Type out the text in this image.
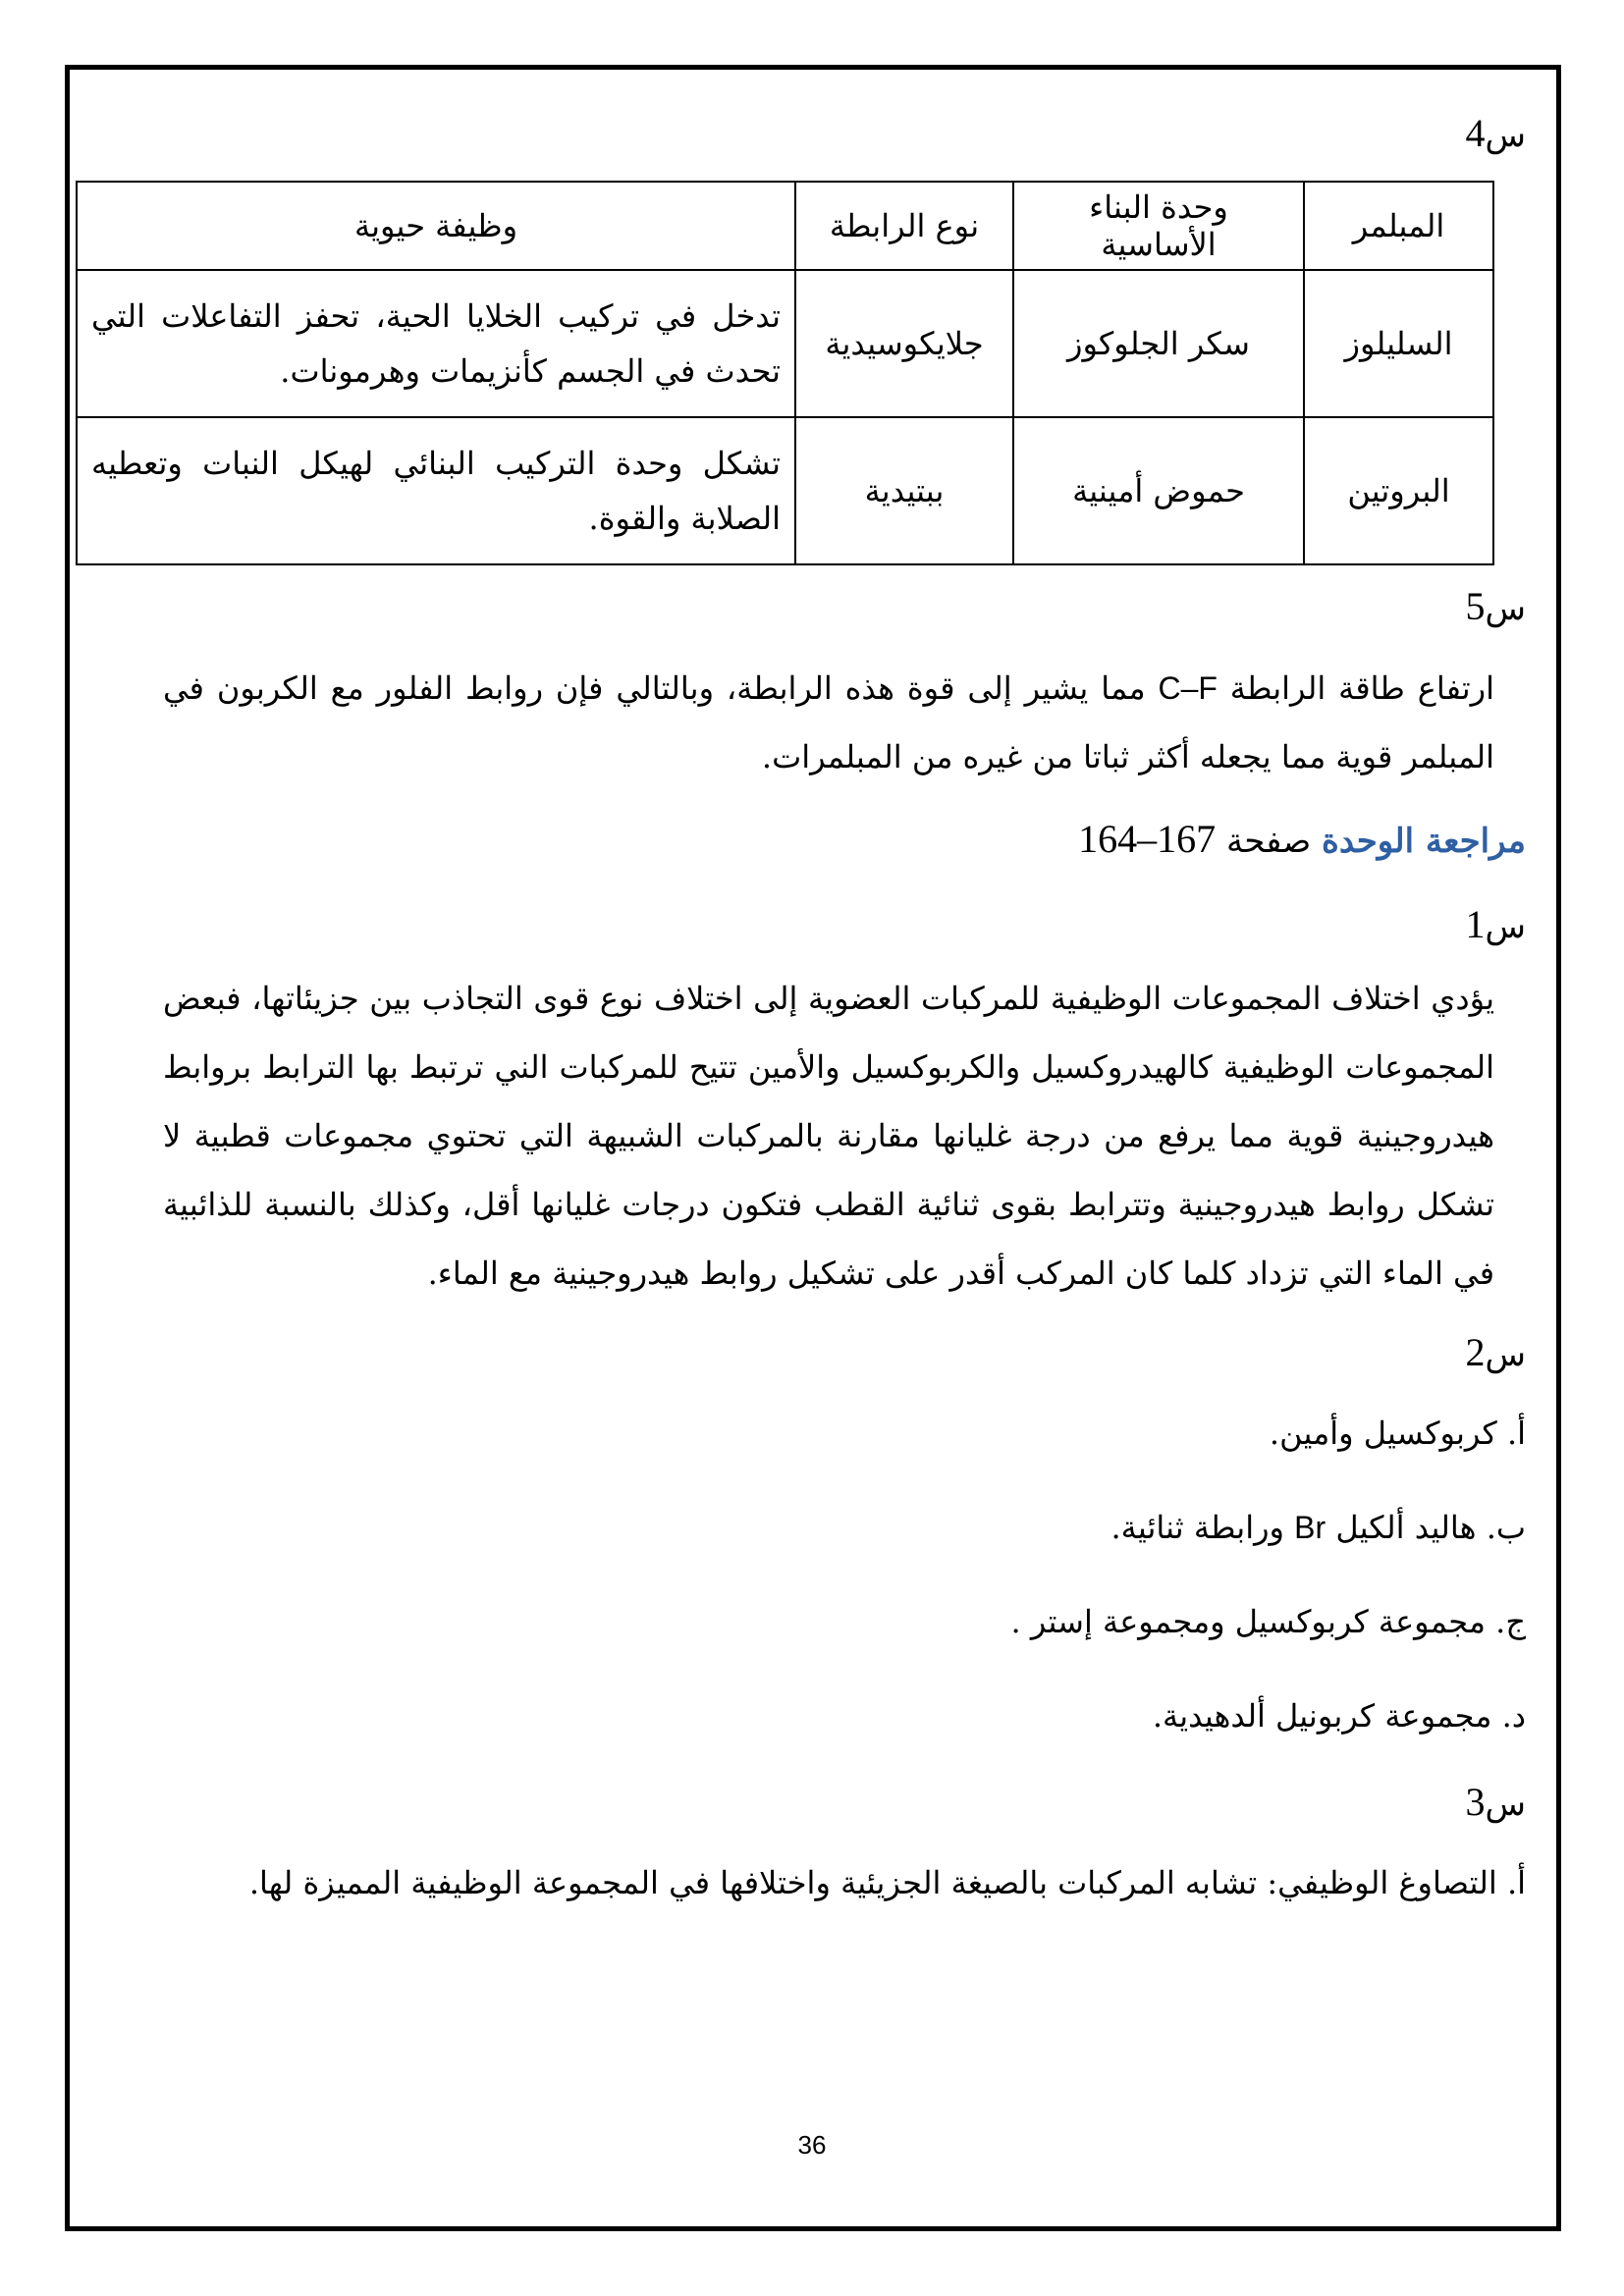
س4
المبلمر	وحدة البناء الأساسية	نوع الرابطة	وظيفة حيوية
السليلوز	سكر الجلوكوز	جلايكوسيدية	تدخل في تركيب الخلايا الحية، تحفز التفاعلات التي تحدث في الجسم كأنزيمات وهرمونات.
البروتين	حموض أمينية	ببتيدية	تشكل وحدة التركيب البنائي لهيكل النبات وتعطيه الصلابة والقوة.
س5

ارتفاع طاقة الرابطة C–F مما يشير إلى قوة هذه الرابطة، وبالتالي فإن روابط الفلور مع الكربون في المبلمر قوية مما يجعله أكثر ثباتا من غيره من المبلمرات.

مراجعة الوحدة صفحة 164–167
س1

يؤدي اختلاف المجموعات الوظيفية للمركبات العضوية إلى اختلاف نوع قوى التجاذب بين جزيئاتها، فبعض المجموعات الوظيفية كالهيدروكسيل والكربوكسيل والأمين تتيح للمركبات الني ترتبط بها الترابط بروابط هيدروجينية قوية مما يرفع من درجة غليانها مقارنة بالمركبات الشبيهة التي تحتوي مجموعات قطبية لا تشكل روابط هيدروجينية وتترابط بقوى ثنائية القطب فتكون درجات غليانها أقل، وكذلك بالنسبة للذائبية في الماء التي تزداد كلما كان المركب أقدر على تشكيل روابط هيدروجينية مع الماء.

س2
أ. كربوكسيل وأمين.
ب. هاليد ألكيل Br ورابطة ثنائية.
ج. مجموعة كربوكسيل ومجموعة إستر .
د. مجموعة كربونيل ألدهيدية.
س3
أ. التصاوغ الوظيفي: تشابه المركبات بالصيغة الجزيئية واختلافها في المجموعة الوظيفية المميزة لها.
36
